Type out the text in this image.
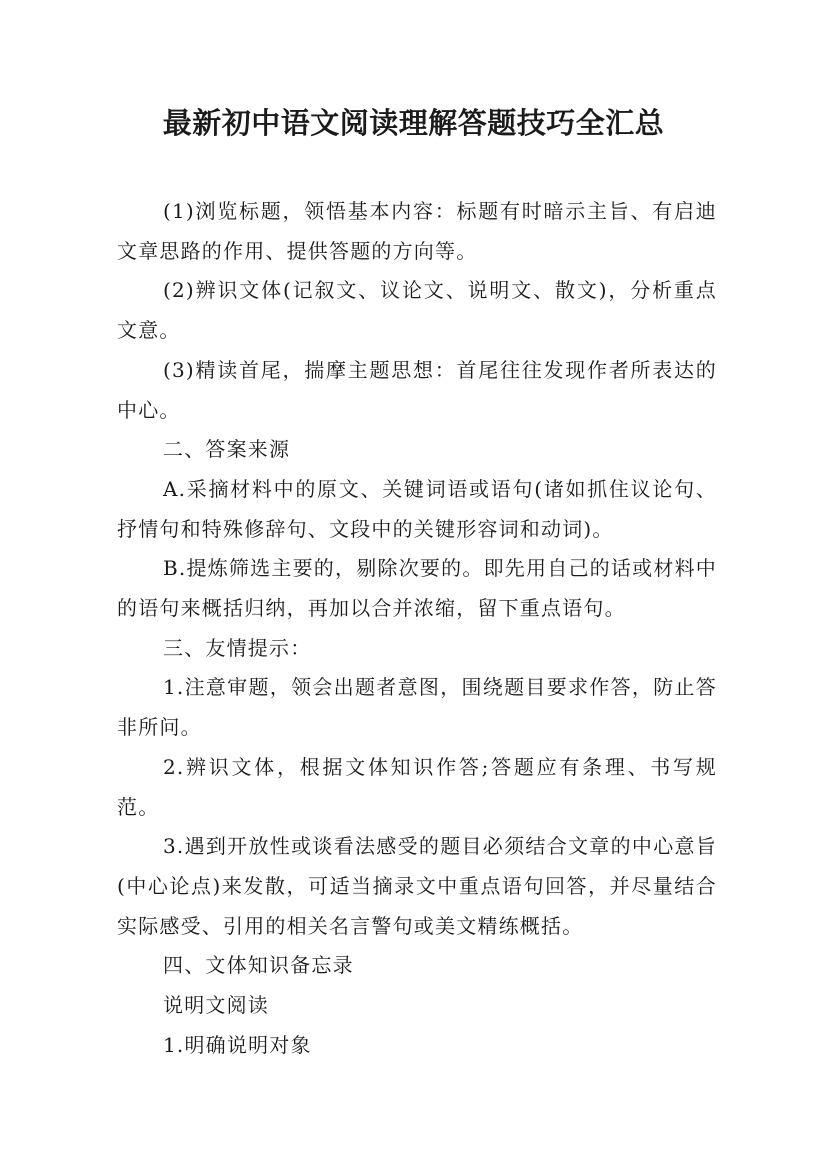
最新初中语文阅读理解答题技巧全汇总

(1)浏览标题，领悟基本内容：标题有时暗示主旨、有启迪文章思路的作用、提供答题的方向等。

(2)辨识文体(记叙文、议论文、说明文、散文)，分析重点文意。

(3)精读首尾，揣摩主题思想：首尾往往发现作者所表达的中心。

二、答案来源

A.采摘材料中的原文、关键词语或语句(诸如抓住议论句、抒情句和特殊修辞句、文段中的关键形容词和动词)。

B.提炼筛选主要的，剔除次要的。即先用自己的话或材料中的语句来概括归纳，再加以合并浓缩，留下重点语句。

三、友情提示：

1.注意审题，领会出题者意图，围绕题目要求作答，防止答非所问。

2.辨识文体，根据文体知识作答;答题应有条理、书写规范。

3.遇到开放性或谈看法感受的题目必须结合文章的中心意旨(中心论点)来发散，可适当摘录文中重点语句回答，并尽量结合实际感受、引用的相关名言警句或美文精练概括。

四、文体知识备忘录

说明文阅读

1.明确说明对象
